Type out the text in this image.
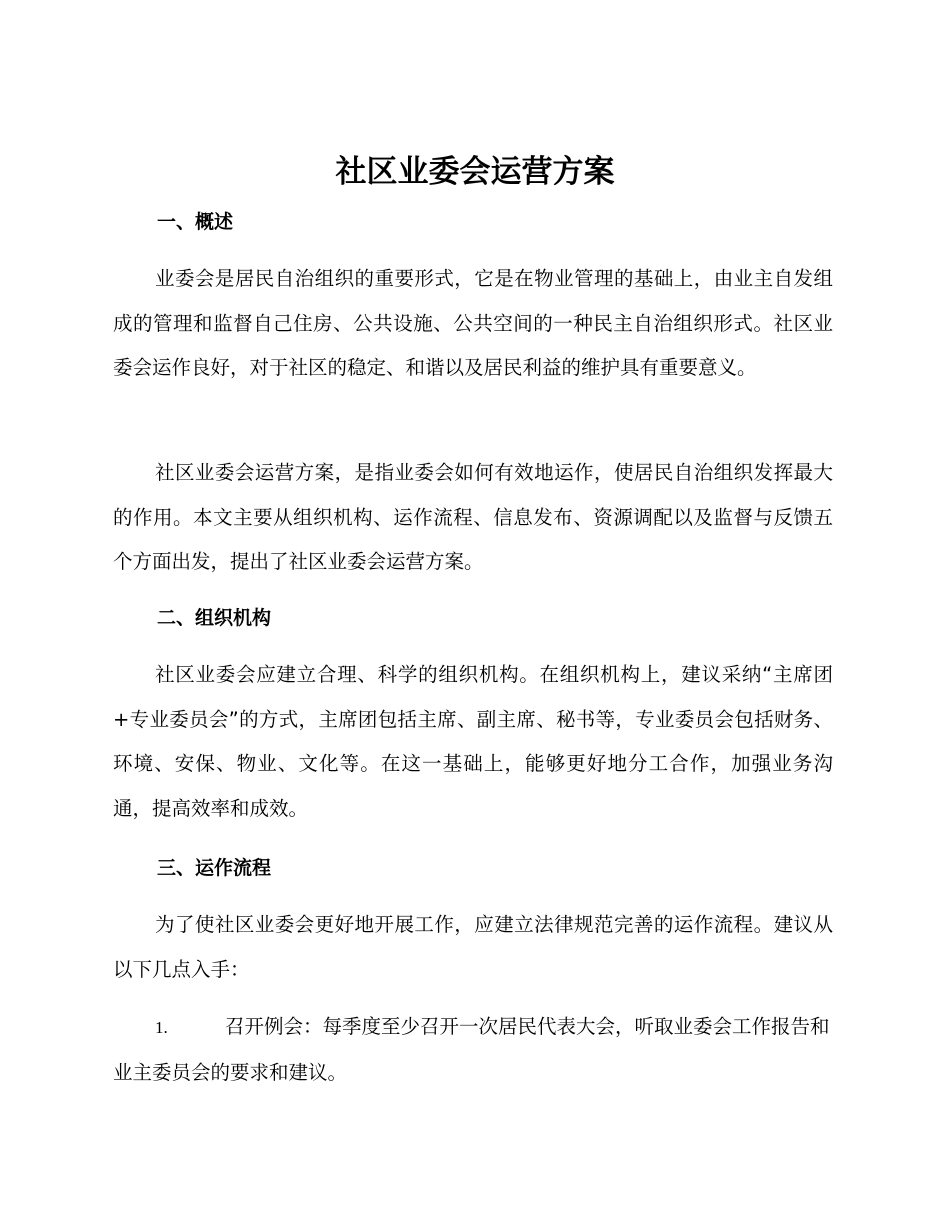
社区业委会运营方案
一、概述

业委会是居民自治组织的重要形式，它是在物业管理的基础上，由业主自发组成的管理和监督自己住房、公共设施、公共空间的一种民主自治组织形式。社区业委会运作良好，对于社区的稳定、和谐以及居民利益的维护具有重要意义。

社区业委会运营方案，是指业委会如何有效地运作，使居民自治组织发挥最大的作用。本文主要从组织机构、运作流程、信息发布、资源调配以及监督与反馈五个方面出发，提出了社区业委会运营方案。

二、组织机构

社区业委会应建立合理、科学的组织机构。在组织机构上，建议采纳“主席团+专业委员会”的方式，主席团包括主席、副主席、秘书等，专业委员会包括财务、环境、安保、物业、文化等。在这一基础上，能够更好地分工合作，加强业务沟通，提高效率和成效。

三、运作流程

为了使社区业委会更好地开展工作，应建立法律规范完善的运作流程。建议从以下几点入手：

1.	召开例会：每季度至少召开一次居民代表大会，听取业委会工作报告和业主委员会的要求和建议。
